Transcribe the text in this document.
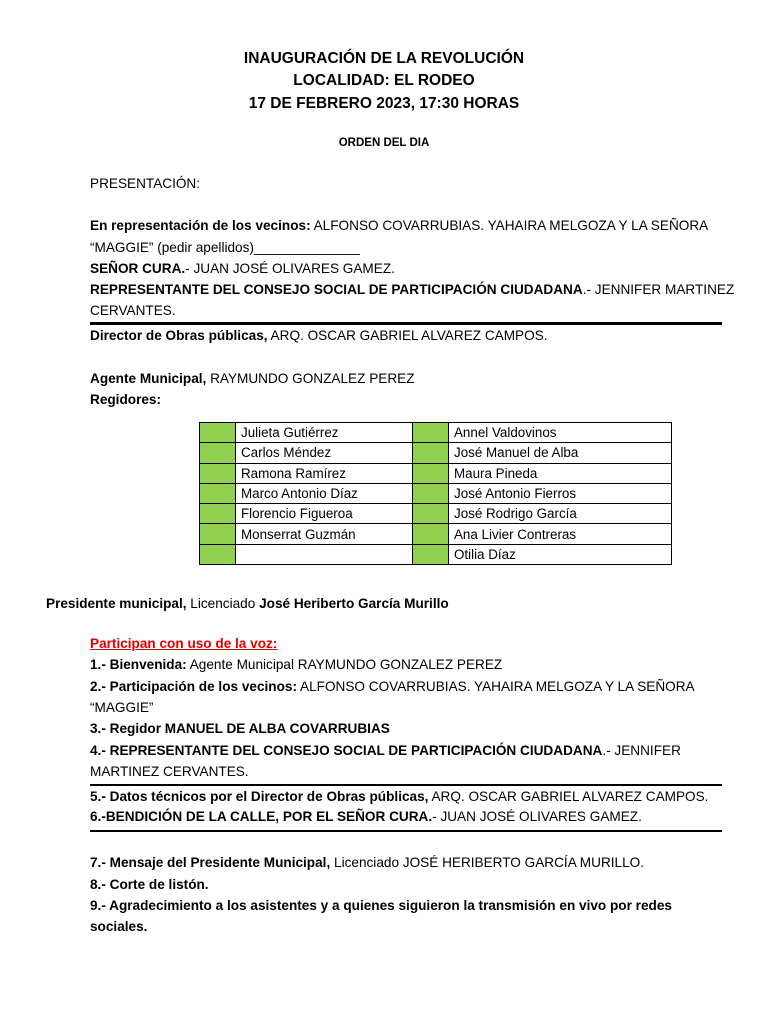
INAUGURACIÓN DE LA REVOLUCIÓN
LOCALIDAD: EL RODEO
17 DE FEBRERO 2023, 17:30 HORAS
ORDEN DEL DIA
PRESENTACIÓN:
En representación de los vecinos: ALFONSO COVARRUBIAS. YAHAIRA MELGOZA Y LA SEÑORA
“MAGGIE” (pedir apellidos)______________
SEÑOR CURA.- JUAN JOSÉ OLIVARES GAMEZ.
REPRESENTANTE DEL CONSEJO SOCIAL DE PARTICIPACIÓN CIUDADANA.- JENNIFER MARTINEZ
CERVANTES.
Director de Obras públicas, ARQ. OSCAR GABRIEL ALVAREZ CAMPOS.
Agente Municipal, RAYMUNDO GONZALEZ PEREZ
Regidores:
	Julieta Gutiérrez		Annel Valdovinos
	Carlos Méndez		José Manuel de Alba
	Ramona Ramírez		Maura Pineda
	Marco Antonio Díaz		José Antonio Fierros
	Florencio Figueroa		José Rodrigo García
	Monserrat Guzmán		Ana Livier Contreras
			Otilia Díaz
Presidente municipal, Licenciado José Heriberto García Murillo
Participan con uso de la voz:
1.- Bienvenida: Agente Municipal RAYMUNDO GONZALEZ PEREZ
2.- Participación de los vecinos: ALFONSO COVARRUBIAS. YAHAIRA MELGOZA Y LA SEÑORA
“MAGGIE”
3.- Regidor MANUEL DE ALBA COVARRUBIAS
4.- REPRESENTANTE DEL CONSEJO SOCIAL DE PARTICIPACIÓN CIUDADANA.- JENNIFER
MARTINEZ CERVANTES.
5.- Datos técnicos por el Director de Obras públicas, ARQ. OSCAR GABRIEL ALVAREZ CAMPOS.
6.-BENDICIÓN DE LA CALLE, POR EL SEÑOR CURA.- JUAN JOSÉ OLIVARES GAMEZ.
7.- Mensaje del Presidente Municipal, Licenciado JOSÉ HERIBERTO GARCÍA MURILLO.
8.- Corte de listón.
9.- Agradecimiento a los asistentes y a quienes siguieron la transmisión en vivo por redes
sociales.
